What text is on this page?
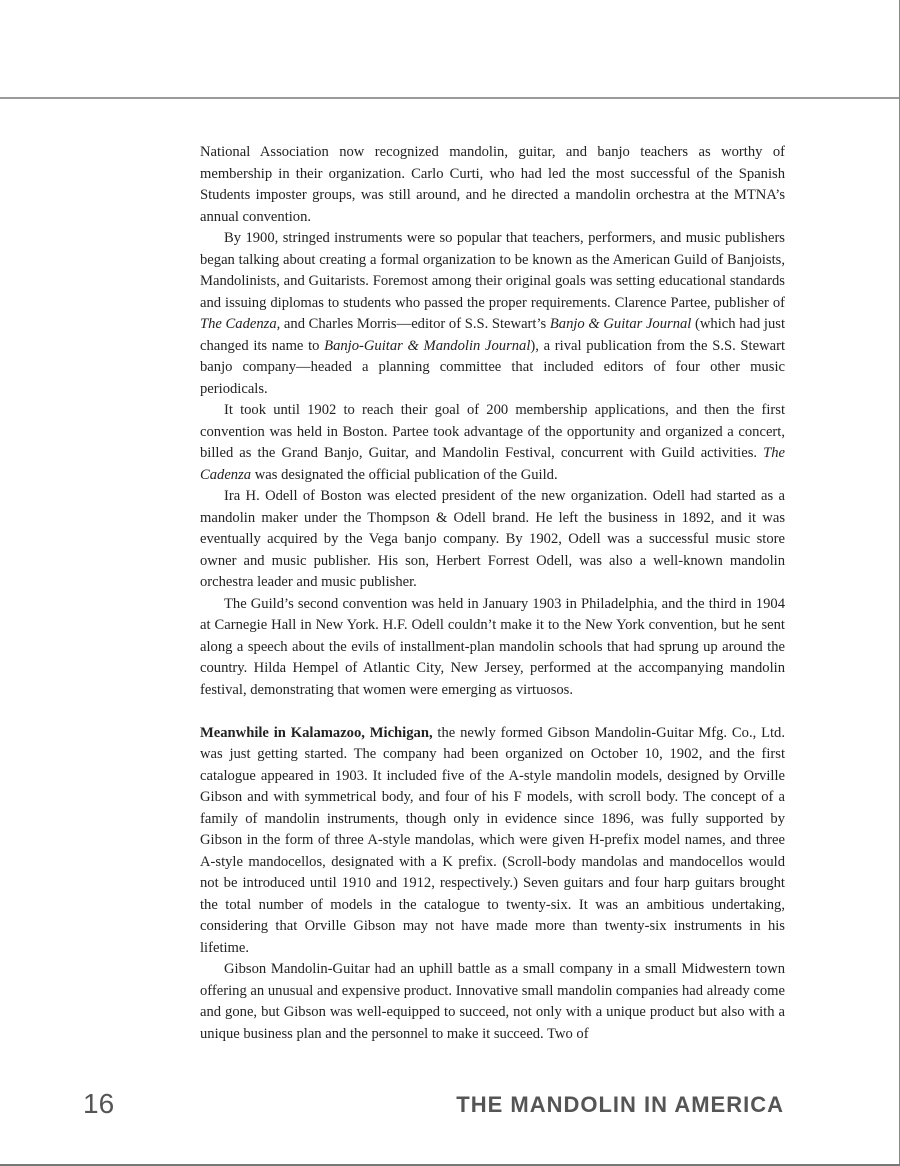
National Association now recognized mandolin, guitar, and banjo teachers as worthy of membership in their organization. Carlo Curti, who had led the most successful of the Spanish Students imposter groups, was still around, and he directed a mandolin orchestra at the MTNA’s annual convention.

By 1900, stringed instruments were so popular that teachers, performers, and music publishers began talking about creating a formal organization to be known as the American Guild of Banjoists, Mandolinists, and Guitarists. Foremost among their original goals was setting educational standards and issuing diplomas to students who passed the proper requirements. Clarence Partee, publisher of The Cadenza, and Charles Morris—editor of S.S. Stewart’s Banjo & Guitar Journal (which had just changed its name to Banjo-Guitar & Mandolin Journal), a rival publication from the S.S. Stewart banjo company—headed a planning committee that included editors of four other music periodicals.

It took until 1902 to reach their goal of 200 membership applications, and then the first convention was held in Boston. Partee took advantage of the opportunity and organized a concert, billed as the Grand Banjo, Guitar, and Mandolin Festival, concurrent with Guild activities. The Cadenza was designated the official publication of the Guild.

Ira H. Odell of Boston was elected president of the new organization. Odell had started as a mandolin maker under the Thompson & Odell brand. He left the business in 1892, and it was eventually acquired by the Vega banjo company. By 1902, Odell was a successful music store owner and music publisher. His son, Herbert Forrest Odell, was also a well-known mandolin orchestra leader and music publisher.

The Guild’s second convention was held in January 1903 in Philadelphia, and the third in 1904 at Carnegie Hall in New York. H.F. Odell couldn’t make it to the New York convention, but he sent along a speech about the evils of installment-plan mandolin schools that had sprung up around the country. Hilda Hempel of Atlantic City, New Jersey, performed at the accompanying mandolin festival, demonstrating that women were emerging as virtuosos.

Meanwhile in Kalamazoo, Michigan, the newly formed Gibson Mandolin-Guitar Mfg. Co., Ltd. was just getting started. The company had been organized on October 10, 1902, and the first catalogue appeared in 1903. It included five of the A-style mandolin models, designed by Orville Gibson and with symmetrical body, and four of his F models, with scroll body. The concept of a family of mandolin instruments, though only in evidence since 1896, was fully supported by Gibson in the form of three A-style mandolas, which were given H-prefix model names, and three A-style mandocellos, designated with a K prefix. (Scroll-body mandolas and mandocellos would not be introduced until 1910 and 1912, respectively.) Seven guitars and four harp guitars brought the total number of models in the catalogue to twenty-six. It was an ambitious undertaking, considering that Orville Gibson may not have made more than twenty-six instruments in his lifetime.

Gibson Mandolin-Guitar had an uphill battle as a small company in a small Midwestern town offering an unusual and expensive product. Innovative small mandolin companies had already come and gone, but Gibson was well-equipped to succeed, not only with a unique product but also with a unique business plan and the personnel to make it succeed. Two of

16	THE MANDOLIN IN AMERICA
